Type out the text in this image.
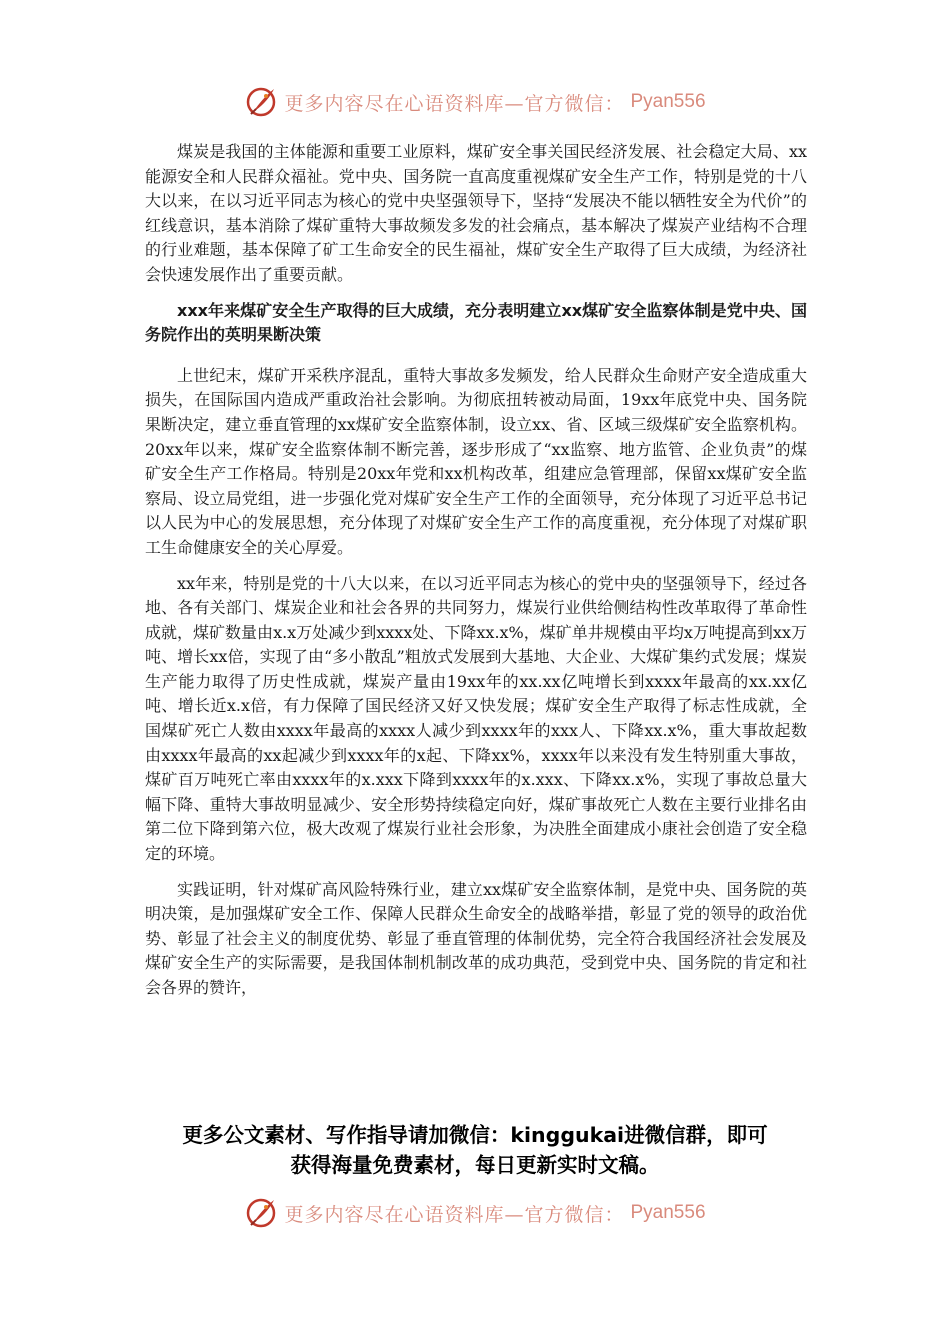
更多内容尽在心语资料库—官方微信： Pyan556

煤炭是我国的主体能源和重要工业原料，煤矿安全事关国民经济发展、社会稳定大局、xx能源安全和人民群众福祉。党中央、国务院一直高度重视煤矿安全生产工作，特别是党的十八大以来，在以习近平同志为核心的党中央坚强领导下，坚持“发展决不能以牺牲安全为代价”的红线意识，基本消除了煤矿重特大事故频发多发的社会痛点，基本解决了煤炭产业结构不合理的行业难题，基本保障了矿工生命安全的民生福祉，煤矿安全生产取得了巨大成绩，为经济社会快速发展作出了重要贡献。

xxx年来煤矿安全生产取得的巨大成绩，充分表明建立xx煤矿安全监察体制是党中央、国务院作出的英明果断决策

上世纪末，煤矿开采秩序混乱，重特大事故多发频发，给人民群众生命财产安全造成重大损失，在国际国内造成严重政治社会影响。为彻底扭转被动局面，19xx年底党中央、国务院果断决定，建立垂直管理的xx煤矿安全监察体制，设立xx、省、区域三级煤矿安全监察机构。20xx年以来，煤矿安全监察体制不断完善，逐步形成了“xx监察、地方监管、企业负责”的煤矿安全生产工作格局。特别是20xx年党和xx机构改革，组建应急管理部，保留xx煤矿安全监察局、设立局党组，进一步强化党对煤矿安全生产工作的全面领导，充分体现了习近平总书记以人民为中心的发展思想，充分体现了对煤矿安全生产工作的高度重视，充分体现了对煤矿职工生命健康安全的关心厚爱。

xx年来，特别是党的十八大以来，在以习近平同志为核心的党中央的坚强领导下，经过各地、各有关部门、煤炭企业和社会各界的共同努力，煤炭行业供给侧结构性改革取得了革命性成就，煤矿数量由x.x万处减少到xxxx处、下降xx.x%，煤矿单井规模由平均x万吨提高到xx万吨、增长xx倍，实现了由“多小散乱”粗放式发展到大基地、大企业、大煤矿集约式发展；煤炭生产能力取得了历史性成就，煤炭产量由19xx年的xx.xx亿吨增长到xxxx年最高的xx.xx亿吨、增长近x.x倍，有力保障了国民经济又好又快发展；煤矿安全生产取得了标志性成就，全国煤矿死亡人数由xxxx年最高的xxxx人减少到xxxx年的xxx人、下降xx.x%，重大事故起数由xxxx年最高的xx起减少到xxxx年的x起、下降xx%，xxxx年以来没有发生特别重大事故，煤矿百万吨死亡率由xxxx年的x.xxx下降到xxxx年的x.xxx、下降xx.x%，实现了事故总量大幅下降、重特大事故明显减少、安全形势持续稳定向好，煤矿事故死亡人数在主要行业排名由第二位下降到第六位，极大改观了煤炭行业社会形象，为决胜全面建成小康社会创造了安全稳定的环境。

实践证明，针对煤矿高风险特殊行业，建立xx煤矿安全监察体制，是党中央、国务院的英明决策，是加强煤矿安全工作、保障人民群众生命安全的战略举措，彰显了党的领导的政治优势、彰显了社会主义的制度优势、彰显了垂直管理的体制优势，完全符合我国经济社会发展及煤矿安全生产的实际需要，是我国体制机制改革的成功典范，受到党中央、国务院的肯定和社会各界的赞许，

更多公文素材、写作指导请加微信：kinggukai进微信群，即可
获得海量免费素材，每日更新实时文稿。
更多内容尽在心语资料库—官方微信： Pyan556
